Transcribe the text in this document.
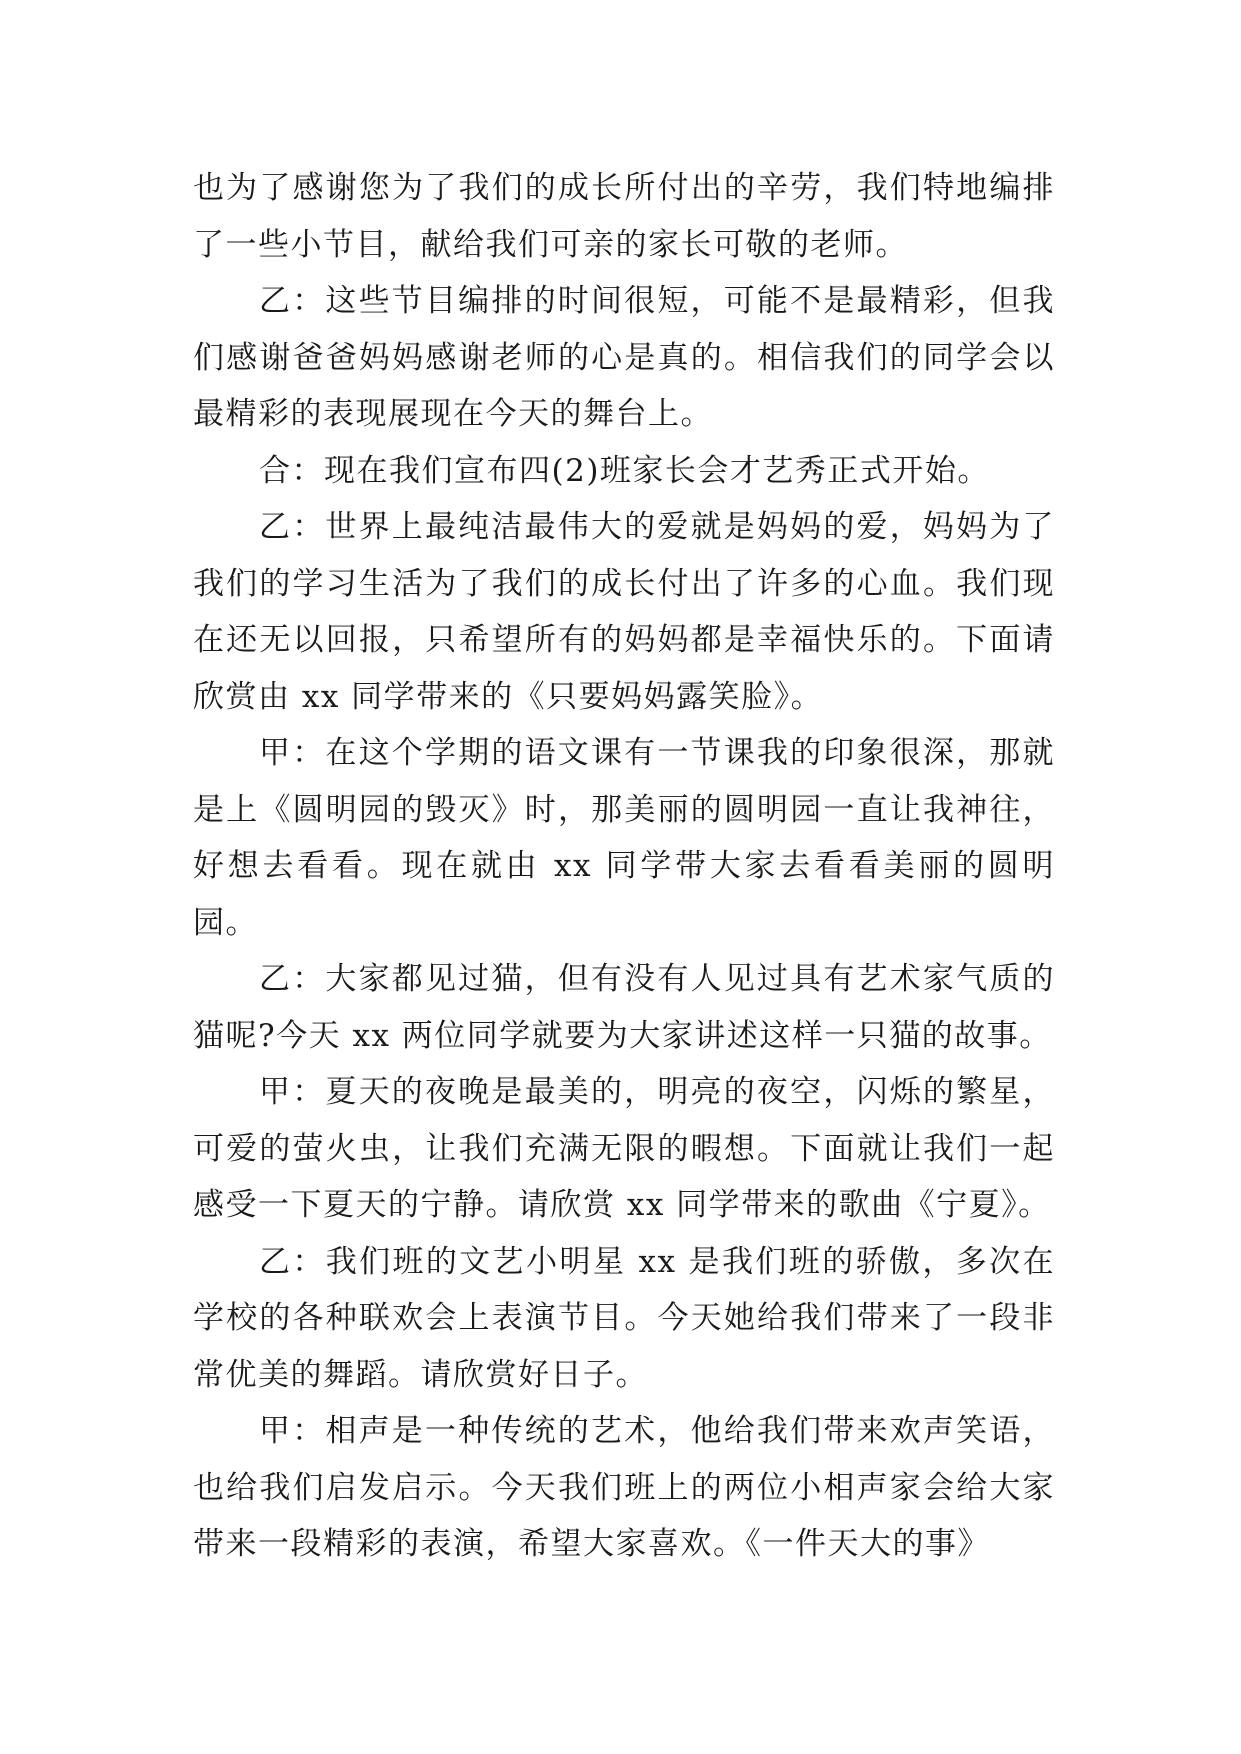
也为了感谢您为了我们的成长所付出的辛劳，我们特地编排了一些小节目，献给我们可亲的家长可敬的老师。

乙：这些节目编排的时间很短，可能不是最精彩，但我们感谢爸爸妈妈感谢老师的心是真的。相信我们的同学会以最精彩的表现展现在今天的舞台上。

合：现在我们宣布四(2)班家长会才艺秀正式开始。

乙：世界上最纯洁最伟大的爱就是妈妈的爱，妈妈为了我们的学习生活为了我们的成长付出了许多的心血。我们现在还无以回报，只希望所有的妈妈都是幸福快乐的。下面请欣赏由 xx 同学带来的《只要妈妈露笑脸》。

甲：在这个学期的语文课有一节课我的印象很深，那就是上《圆明园的毁灭》时，那美丽的圆明园一直让我神往，好想去看看。现在就由 xx 同学带大家去看看美丽的圆明园。

乙：大家都见过猫，但有没有人见过具有艺术家气质的猫呢?今天 xx 两位同学就要为大家讲述这样一只猫的故事。

甲：夏天的夜晚是最美的，明亮的夜空，闪烁的繁星，可爱的萤火虫，让我们充满无限的暇想。下面就让我们一起感受一下夏天的宁静。请欣赏 xx 同学带来的歌曲《宁夏》。

乙：我们班的文艺小明星 xx 是我们班的骄傲，多次在学校的各种联欢会上表演节目。今天她给我们带来了一段非常优美的舞蹈。请欣赏好日子。

甲：相声是一种传统的艺术，他给我们带来欢声笑语，也给我们启发启示。今天我们班上的两位小相声家会给大家带来一段精彩的表演，希望大家喜欢。《一件天大的事》
